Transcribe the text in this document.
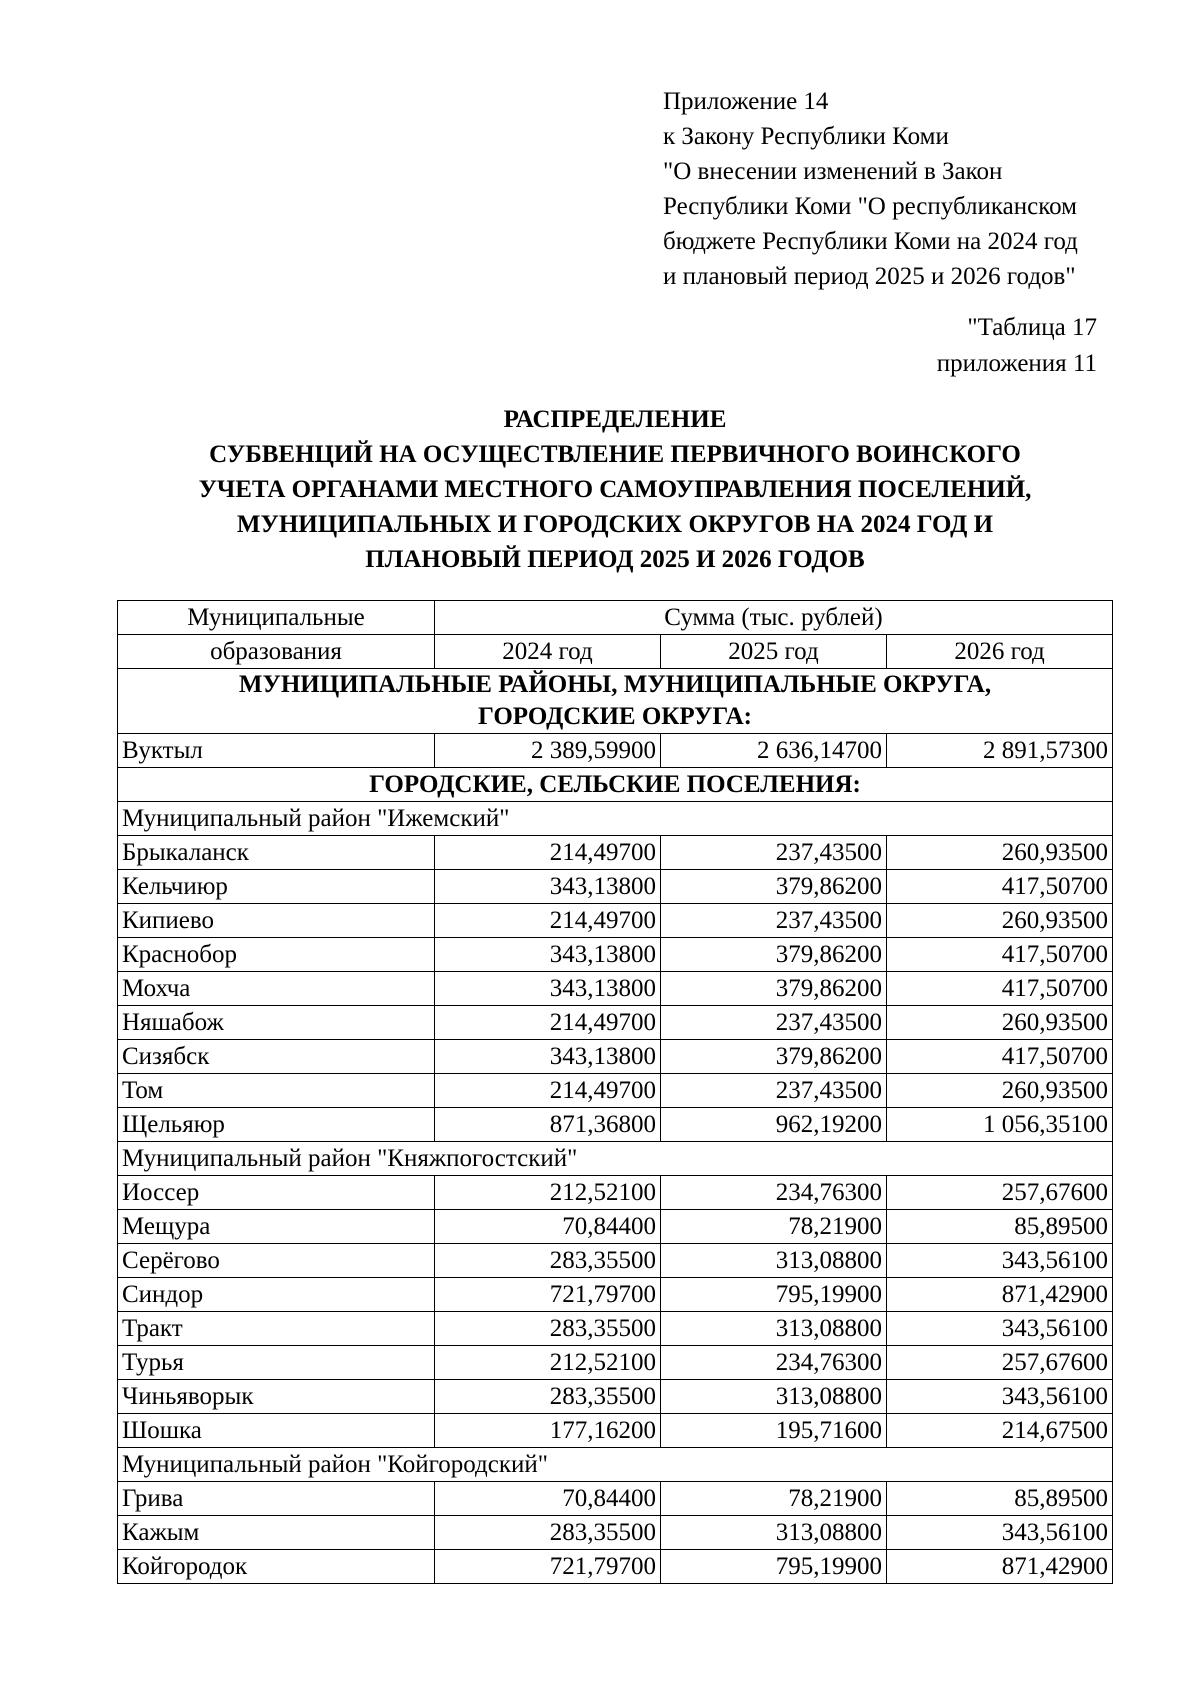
Приложение 14
к Закону Республики Коми
"О внесении изменений в Закон
Республики Коми "О республиканском
бюджете Республики Коми на 2024 год
и плановый период 2025 и 2026 годов"
"Таблица 17
приложения 11
РАСПРЕДЕЛЕНИЕ
СУБВЕНЦИЙ НА ОСУЩЕСТВЛЕНИЕ ПЕРВИЧНОГО ВОИНСКОГО
УЧЕТА ОРГАНАМИ МЕСТНОГО САМОУПРАВЛЕНИЯ ПОСЕЛЕНИЙ,
МУНИЦИПАЛЬНЫХ И ГОРОДСКИХ ОКРУГОВ НА 2024 ГОД И
ПЛАНОВЫЙ ПЕРИОД 2025 И 2026 ГОДОВ
Муниципальные	Сумма (тыс. рублей)		
образования	2024 год	2025 год	2026 год
МУНИЦИПАЛЬНЫЕ РАЙОНЫ, МУНИЦИПАЛЬНЫЕ ОКРУГА,
ГОРОДСКИЕ ОКРУГА:			
Вуктыл	2 389,59900	2 636,14700	2 891,57300
ГОРОДСКИЕ, СЕЛЬСКИЕ ПОСЕЛЕНИЯ:			
Муниципальный район "Ижемский"			
Брыкаланск	214,49700	237,43500	260,93500
Кельчиюр	343,13800	379,86200	417,50700
Кипиево	214,49700	237,43500	260,93500
Краснобор	343,13800	379,86200	417,50700
Мохча	343,13800	379,86200	417,50700
Няшабож	214,49700	237,43500	260,93500
Сизябск	343,13800	379,86200	417,50700
Том	214,49700	237,43500	260,93500
Щельяюр	871,36800	962,19200	1 056,35100
Муниципальный район "Княжпогостский"			
Иоссер	212,52100	234,76300	257,67600
Мещура	70,84400	78,21900	85,89500
Серёгово	283,35500	313,08800	343,56100
Синдор	721,79700	795,19900	871,42900
Тракт	283,35500	313,08800	343,56100
Турья	212,52100	234,76300	257,67600
Чиньяворык	283,35500	313,08800	343,56100
Шошка	177,16200	195,71600	214,67500
Муниципальный район "Койгородский"			
Грива	70,84400	78,21900	85,89500
Кажым	283,35500	313,08800	343,56100
Койгородок	721,79700	795,19900	871,42900
